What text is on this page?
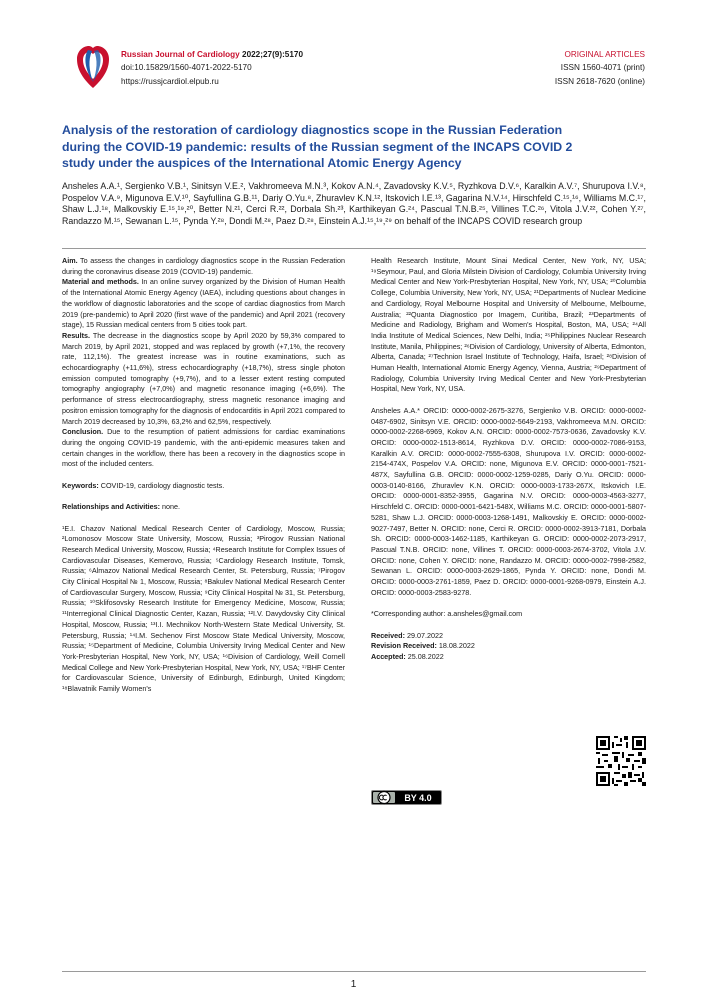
Russian Journal of Cardiology 2022;27(9):5170
doi:10.15829/1560-4071-2022-5170
https://russjcardiol.elpub.ru
ORIGINAL ARTICLES
ISSN 1560-4071 (print)
ISSN 2618-7620 (online)
Analysis of the restoration of cardiology diagnostics scope in the Russian Federation during the COVID-19 pandemic: results of the Russian segment of the INCAPS COVID 2 study under the auspices of the International Atomic Energy Agency

Ansheles A.A.¹, Sergienko V.B.¹, Sinitsyn V.E.², Vakhromeeva M.N.³, Kokov A.N.⁴, Zavadovsky K.V.⁵, Ryzhkova D.V.⁶, Karalkin A.V.⁷, Shurupova I.V.⁸, Pospelov V.A.⁹, Migunova E.V.¹⁰, Sayfullina G.B.¹¹, Dariy O.Yu.⁸, Zhuravlev K.N.¹², Itskovich I.E.¹³, Gagarina N.V.¹⁴, Hirschfeld C.¹⁵,¹⁶, Williams M.C.¹⁷, Shaw L.J.¹⁸, Malkovskiy E.¹⁵,¹⁹,²⁰, Better N.²¹, Cerci R.²², Dorbala Sh.²³, Karthikeyan G.²⁴, Pascual T.N.B.²⁵, Villines T.C.²⁶, Vitola J.V.²², Cohen Y.²⁷, Randazzo M.¹⁵, Sewanan L.¹⁵, Pynda Y.²⁸, Dondi M.²⁸, Paez D.²⁸, Einstein A.J.¹⁵,¹⁹,²⁹ on behalf of the INCAPS COVID research group

Aim. To assess the changes in cardiology diagnostics scope in the Russian Federation during the coronavirus disease 2019 (COVID-19) pandemic.

Material and methods. In an online survey organized by the Division of Human Health of the International Atomic Energy Agency (IAEA), including questions about changes in the workflow of diagnostic laboratories and the scope of cardiac diagnostics from March 2019 (pre-pandemic) to April 2020 (first wave of the pandemic) and April 2021 (recovery stage), 15 Russian medical centers from 5 cities took part.

Results. The decrease in the diagnostics scope by April 2020 by 59,3% compared to March 2019, by April 2021, stopped and was replaced by growth (+7,1%, the recovery rate, 112,1%). The greatest increase was in routine examinations, such as echocardiography (+11,6%), stress echocardiography (+18,7%), stress single photon emission computed tomography (+9,7%), and to a lesser extent resting computed tomography angiography (+7,0%) and magnetic resonance imaging (+6,6%). The performance of stress electrocardiography, stress magnetic resonance imaging and positron emission tomography for the diagnosis of endocarditis in April 2021 compared to March 2019 decreased by 10,3%, 63,2% and 62,5%, respectively.

Conclusion. Due to the resumption of patient admissions for cardiac examinations during the ongoing COVID-19 pandemic, with the anti-epidemic measures taken and certain changes in the workflow, there has been a recovery in the diagnostics scope in most of the included centers.

Keywords: COVID-19, cardiology diagnostic tests.

Relationships and Activities: none.

¹E.I. Chazov National Medical Research Center of Cardiology, Moscow, Russia; ²Lomonosov Moscow State University, Moscow, Russia; ³Pirogov Russian National Research Medical University, Moscow, Russia; ⁴Research Institute for Complex Issues of Cardiovascular Diseases, Kemerovo, Russia; ⁵Cardiology Research Institute, Tomsk, Russia; ⁶Almazov National Medical Research Center, St. Petersburg, Russia; ⁷Pirogov City Clinical Hospital № 1, Moscow, Russia; ⁸Bakulev National Medical Research Center of Cardiovascular Surgery, Moscow, Russia; ⁹City Clinical Hospital № 31, St. Petersburg, Russia; ¹⁰Sklifosovsky Research Institute for Emergency Medicine, Moscow, Russia; ¹¹Interregional Clinical Diagnostic Center, Kazan, Russia; ¹²I.V. Davydovsky City Clinical Hospital, Moscow, Russia; ¹³I.I. Mechnikov North-Western State Medical University, St. Petersburg, Russia; ¹⁴I.M. Sechenov First Moscow State Medical University, Moscow, Russia; ¹⁵Department of Medicine, Columbia University Irving Medical Center and New York-Presbyterian Hospital, New York, NY, USA; ¹⁶Division of Cardiology, Weill Cornell Medical College and New York-Presbyterian Hospital, New York, NY, USA; ¹⁷BHF Center for Cardiovascular Science, University of Edinburgh, Edinburgh, United Kingdom; ¹⁸Blavatnik Family Women's

Health Research Institute, Mount Sinai Medical Center, New York, NY, USA; ¹⁹Seymour, Paul, and Gloria Milstein Division of Cardiology, Columbia University Irving Medical Center and New York-Presbyterian Hospital, New York, NY, USA; ²⁰Columbia College, Columbia University, New York, NY, USA; ²¹Departments of Nuclear Medicine and Cardiology, Royal Melbourne Hospital and University of Melbourne, Melbourne, Australia; ²²Quanta Diagnostico por Imagem, Curitiba, Brazil; ²³Departments of Medicine and Radiology, Brigham and Women's Hospital, Boston, MA, USA; ²⁴All India Institute of Medical Sciences, New Delhi, India; ²⁵Philippines Nuclear Research Institute, Manila, Philippines; ²⁶Division of Cardiology, University of Alberta, Edmonton, Alberta, Canada; ²⁷Technion Israel Institute of Technology, Haifa, Israel; ²⁸Division of Human Health, International Atomic Energy Agency, Vienna, Austria; ²⁹Department of Radiology, Columbia University Irving Medical Center and New York-Presbyterian Hospital, New York, NY, USA.

Ansheles A.A.* ORCID: 0000-0002-2675-3276, Sergienko V.B. ORCID: 0000-0002-0487-6902, Sinitsyn V.E. ORCID: 0000-0002-5649-2193, Vakhromeeva M.N. ORCID: 0000-0002-2268-6969, Kokov A.N. ORCID: 0000-0002-7573-0636, Zavadovsky K.V. ORCID: 0000-0002-1513-8614, Ryzhkova D.V. ORCID: 0000-0002-7086-9153, Karalkin A.V. ORCID: 0000-0002-7555-6308, Shurupova I.V. ORCID: 0000-0002-2154-474X, Pospelov V.A. ORCID: none, Migunova E.V. ORCID: 0000-0001-7521-487X, Sayfullina G.B. ORCID: 0000-0002-1259-0285, Dariy O.Yu. ORCID: 0000-0003-0140-8166, Zhuravlev K.N. ORCID: 0000-0003-1733-267X, Itskovich I.E. ORCID: 0000-0001-8352-3955, Gagarina N.V. ORCID: 0000-0003-4563-3277, Hirschfeld C. ORCID: 0000-0001-6421-548X, Williams M.C. ORCID: 0000-0001-5807-5281, Shaw L.J. ORCID: 0000-0003-1268-1491, Malkovskiy E. ORCID: 0000-0002-9027-7497, Better N. ORCID: none, Cerci R. ORCID: 0000-0002-3913-7181, Dorbala Sh. ORCID: 0000-0003-1462-1185, Karthikeyan G. ORCID: 0000-0002-2073-2917, Pascual T.N.B. ORCID: none, Villines T. ORCID: 0000-0003-2674-3702, Vitola J.V. ORCID: none, Cohen Y. ORCID: none, Randazzo M. ORCID: 0000-0002-7998-2582, Sewanan L. ORCID: 0000-0003-2629-1865, Pynda Y. ORCID: none, Dondi M. ORCID: 0000-0003-2761-1859, Paez D. ORCID: 0000-0001-9268-0979, Einstein A.J. ORCID: 0000-0003-2583-9278.

*Corresponding author: a.ansheles@gmail.com

Received: 29.07.2022

Revision Received: 18.08.2022

Accepted: 25.08.2022

BY 4.0
1
